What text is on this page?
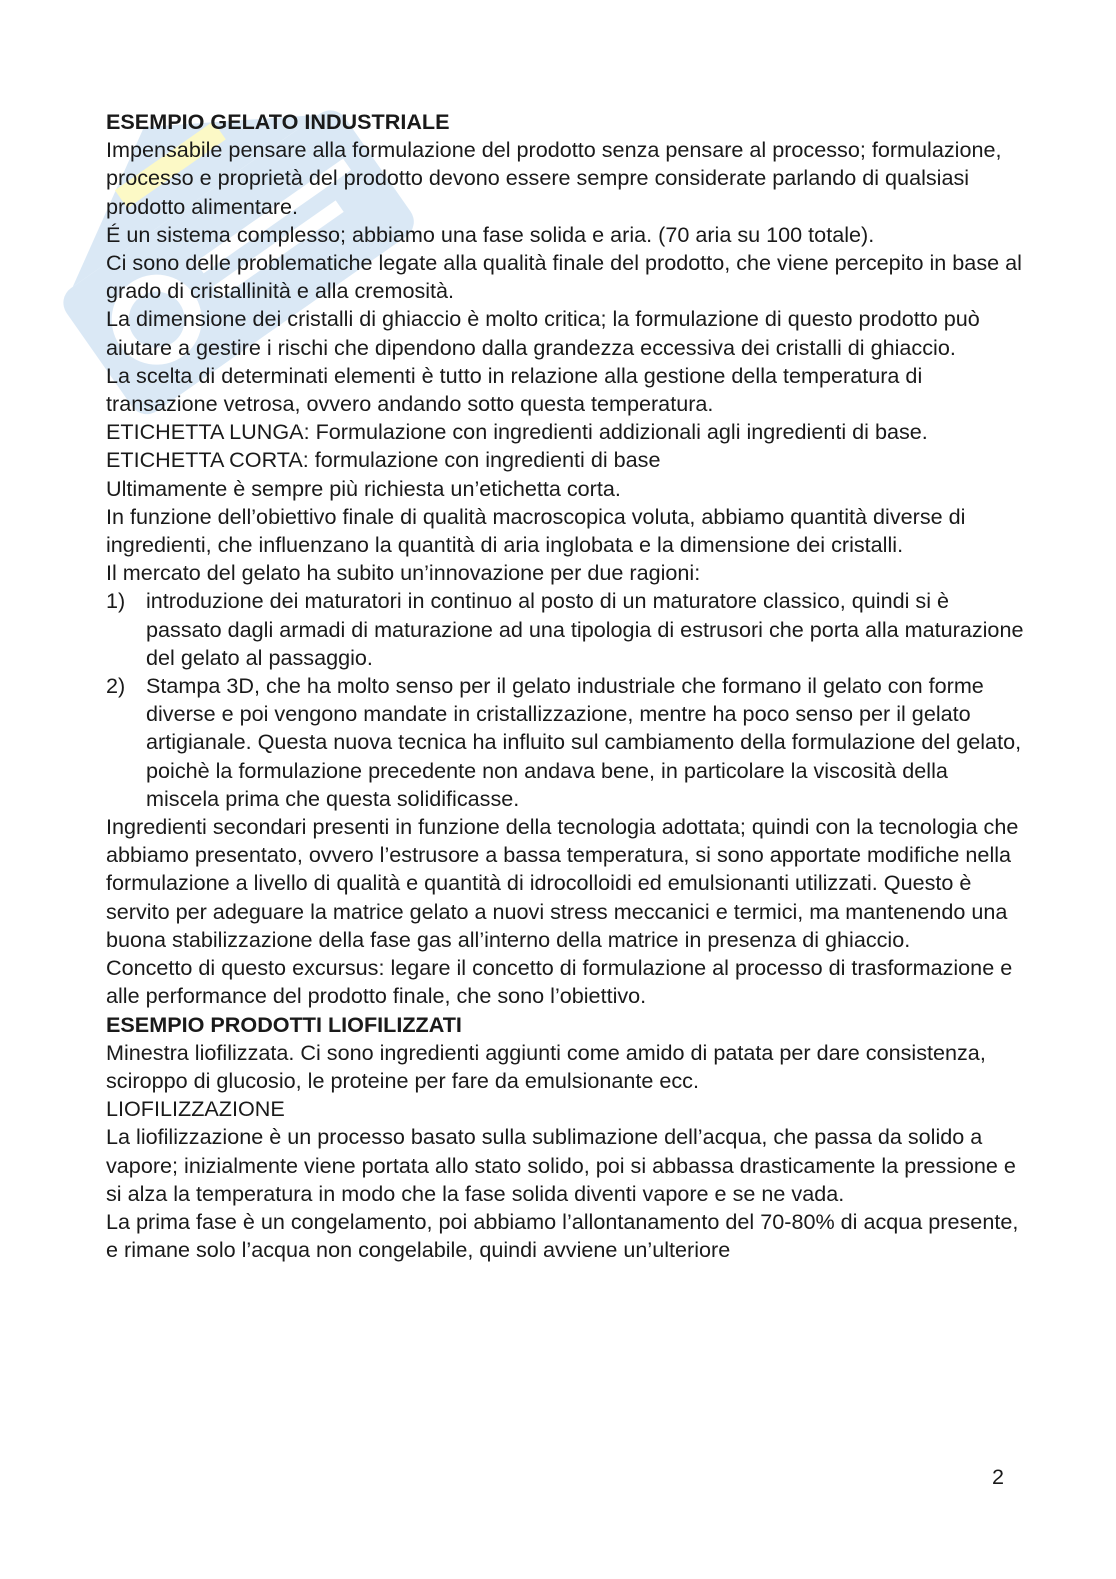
ESEMPIO GELATO INDUSTRIALE

Impensabile pensare alla formulazione del prodotto senza pensare al processo; formulazione, processo e proprietà del prodotto devono essere sempre considerate parlando di qualsiasi prodotto alimentare.

É un sistema complesso; abbiamo una fase solida e aria. (70 aria su 100 totale).

Ci sono delle problematiche legate alla qualità finale del prodotto, che viene percepito in base al grado di cristallinità e alla cremosità.

La dimensione dei cristalli di ghiaccio è molto critica; la formulazione di questo prodotto può aiutare a gestire i rischi che dipendono dalla grandezza eccessiva dei cristalli di ghiaccio.

La scelta di determinati elementi è tutto in relazione alla gestione della temperatura di transazione vetrosa, ovvero andando sotto questa temperatura.

ETICHETTA LUNGA: Formulazione con ingredienti addizionali agli ingredienti di base.

ETICHETTA CORTA: formulazione con ingredienti di base

Ultimamente è sempre più richiesta un’etichetta corta.

In funzione dell’obiettivo finale di qualità macroscopica voluta, abbiamo quantità diverse di ingredienti, che influenzano la quantità di aria inglobata e la dimensione dei cristalli.

Il mercato del gelato ha subito un’innovazione per due ragioni:

1) introduzione dei maturatori in continuo al posto di un maturatore classico, quindi si è passato dagli armadi di maturazione ad una tipologia di estrusori che porta alla maturazione del gelato al passaggio.
2) Stampa 3D, che ha molto senso per il gelato industriale che formano il gelato con forme diverse e poi vengono mandate in cristallizzazione, mentre ha poco senso per il gelato artigianale. Questa nuova tecnica ha influito sul cambiamento della formulazione del gelato, poichè la formulazione precedente non andava bene, in particolare la viscosità della miscela prima che questa solidificasse.

Ingredienti secondari presenti in funzione della tecnologia adottata; quindi con la tecnologia che abbiamo presentato, ovvero l’estrusore a bassa temperatura, si sono apportate modifiche nella formulazione a livello di qualità e quantità di idrocolloidi ed emulsionanti utilizzati. Questo è servito per adeguare la matrice gelato a nuovi stress meccanici e termici, ma mantenendo una buona stabilizzazione della fase gas all’interno della matrice in presenza di ghiaccio.

Concetto di questo excursus: legare il concetto di formulazione al processo di trasformazione e alle performance del prodotto finale, che sono l’obiettivo.

ESEMPIO PRODOTTI LIOFILIZZATI

Minestra liofilizzata. Ci sono ingredienti aggiunti come amido di patata per dare consistenza, sciroppo di glucosio, le proteine per fare da emulsionante ecc.

LIOFILIZZAZIONE

La liofilizzazione è un processo basato sulla sublimazione dell’acqua, che passa da solido a vapore; inizialmente viene portata allo stato solido, poi si abbassa drasticamente la pressione e si alza la temperatura in modo che la fase solida diventi vapore e se ne vada.

La prima fase è un congelamento, poi abbiamo l’allontanamento del 70-80% di acqua presente, e rimane solo l’acqua non congelabile, quindi avviene un’ulteriore

2
